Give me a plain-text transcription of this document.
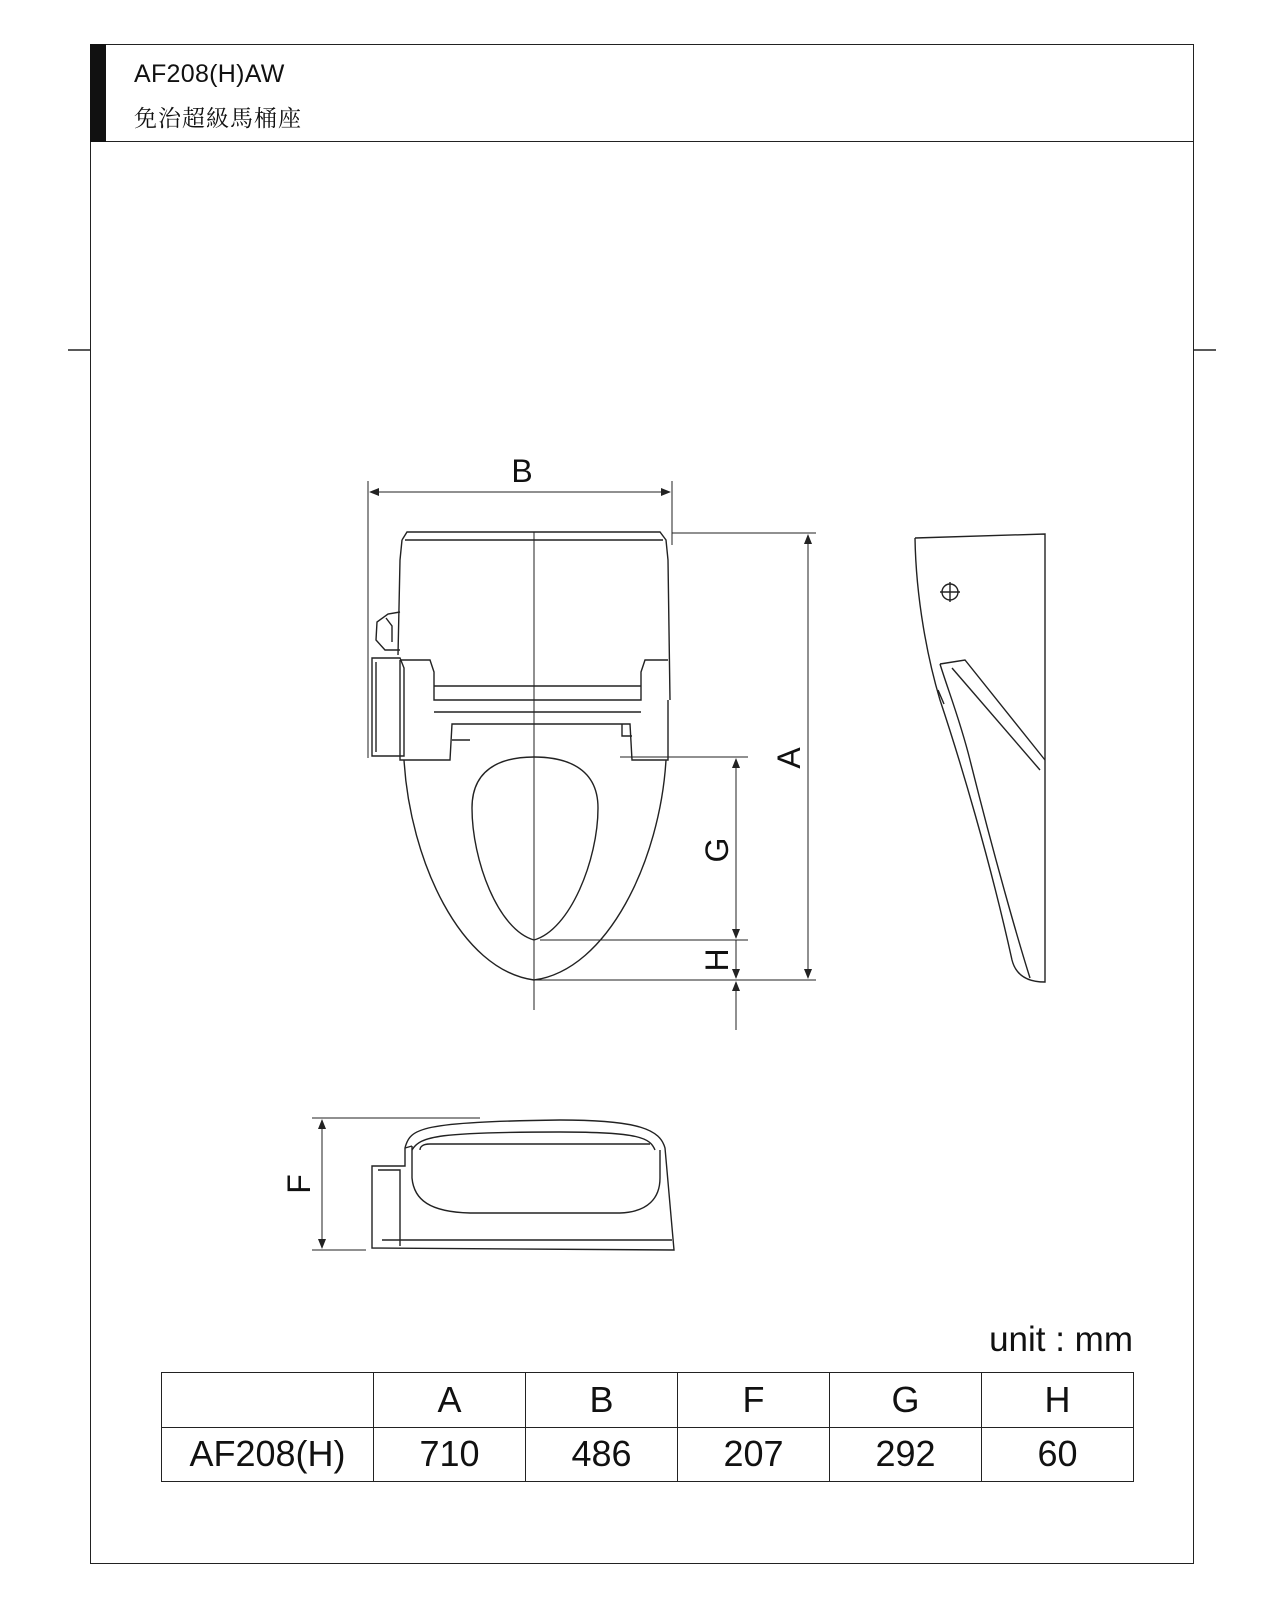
AF208(H)AW
免治超級馬桶座
B
A
G
H
F
unit : mm
	A	B	F	G	H
AF208(H)	710	486	207	292	60
